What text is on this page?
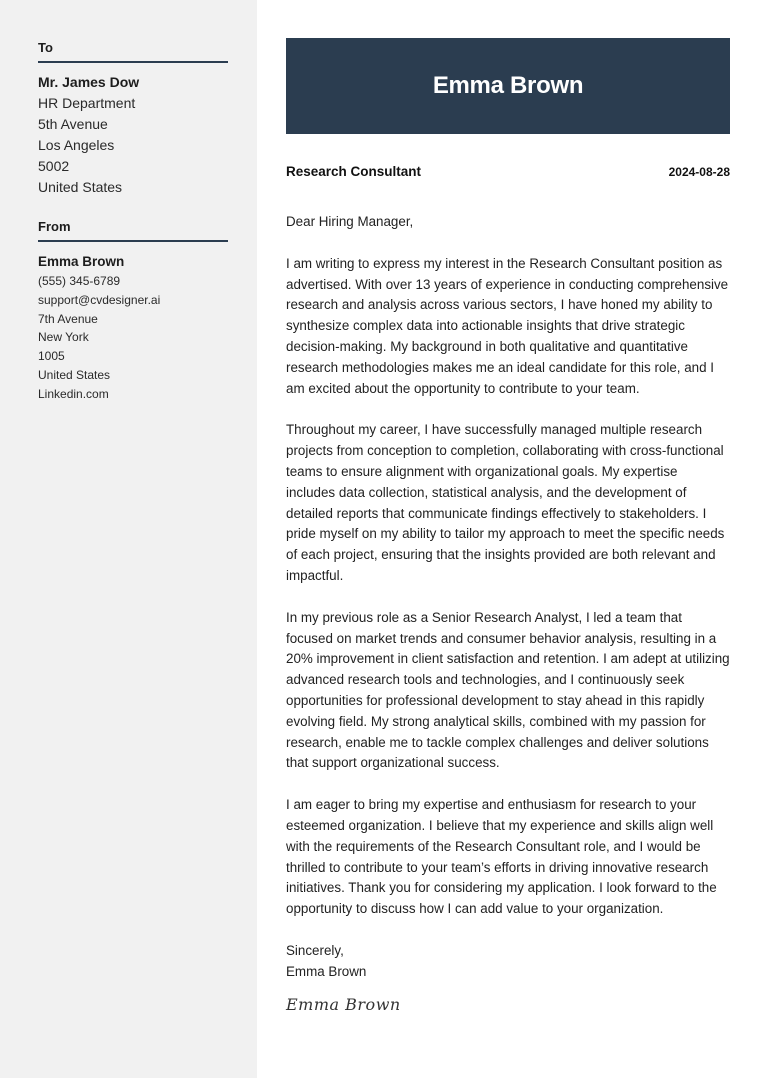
To
Mr. James Dow
HR Department
5th Avenue
Los Angeles
5002
United States
From
Emma Brown
(555) 345-6789
support@cvdesigner.ai
7th Avenue
New York
1005
United States
Linkedin.com
Emma Brown
Research Consultant	2024-08-28

Dear Hiring Manager,

I am writing to express my interest in the Research Consultant position as advertised. With over 13 years of experience in conducting comprehensive research and analysis across various sectors, I have honed my ability to synthesize complex data into actionable insights that drive strategic decision-making. My background in both qualitative and quantitative research methodologies makes me an ideal candidate for this role, and I am excited about the opportunity to contribute to your team.

Throughout my career, I have successfully managed multiple research projects from conception to completion, collaborating with cross-functional teams to ensure alignment with organizational goals. My expertise includes data collection, statistical analysis, and the development of detailed reports that communicate findings effectively to stakeholders. I pride myself on my ability to tailor my approach to meet the specific needs of each project, ensuring that the insights provided are both relevant and impactful.

In my previous role as a Senior Research Analyst, I led a team that focused on market trends and consumer behavior analysis, resulting in a 20% improvement in client satisfaction and retention. I am adept at utilizing advanced research tools and technologies, and I continuously seek opportunities for professional development to stay ahead in this rapidly evolving field. My strong analytical skills, combined with my passion for research, enable me to tackle complex challenges and deliver solutions that support organizational success.

I am eager to bring my expertise and enthusiasm for research to your esteemed organization. I believe that my experience and skills align well with the requirements of the Research Consultant role, and I would be thrilled to contribute to your team’s efforts in driving innovative research initiatives. Thank you for considering my application. I look forward to the opportunity to discuss how I can add value to your organization.

Sincerely,
Emma Brown
Emma Brown
